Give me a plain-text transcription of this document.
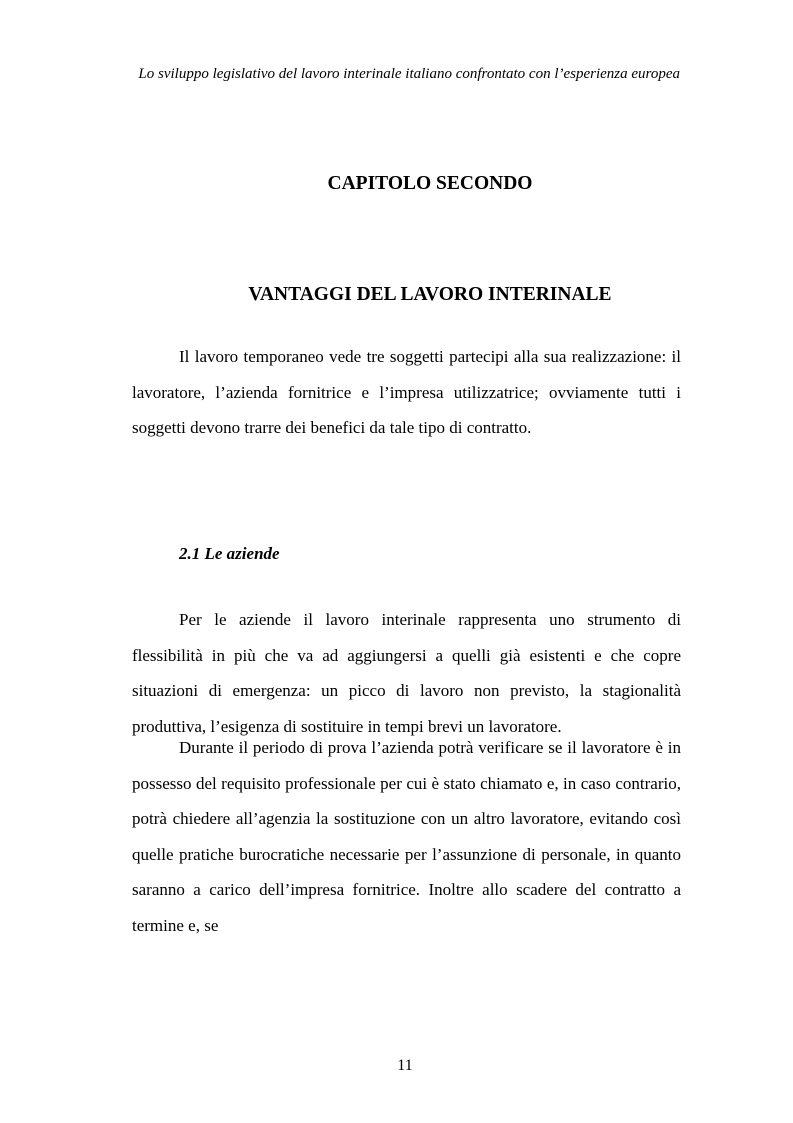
Lo sviluppo legislativo del lavoro interinale italiano confrontato con l’esperienza europea
CAPITOLO SECONDO
VANTAGGI DEL LAVORO INTERINALE

Il lavoro temporaneo vede tre soggetti partecipi alla sua realizzazione: il lavoratore, l’azienda fornitrice e l’impresa utilizzatrice; ovviamente tutti i soggetti devono trarre dei benefici da tale tipo di contratto.

2.1 Le aziende

Per le aziende il lavoro interinale rappresenta uno strumento di flessibilità in più che va ad aggiungersi a quelli già esistenti e che copre situazioni di emergenza: un picco di lavoro non previsto, la stagionalità produttiva, l’esigenza di sostituire in tempi brevi un lavoratore.

Durante il periodo di prova l’azienda potrà verificare se il lavoratore è in possesso del requisito professionale per cui è stato chiamato e, in caso contrario, potrà chiedere all’agenzia la sostituzione con un altro lavoratore, evitando così quelle pratiche burocratiche necessarie per l’assunzione di personale, in quanto saranno a carico dell’impresa fornitrice. Inoltre allo scadere del contratto a termine e, se

11
